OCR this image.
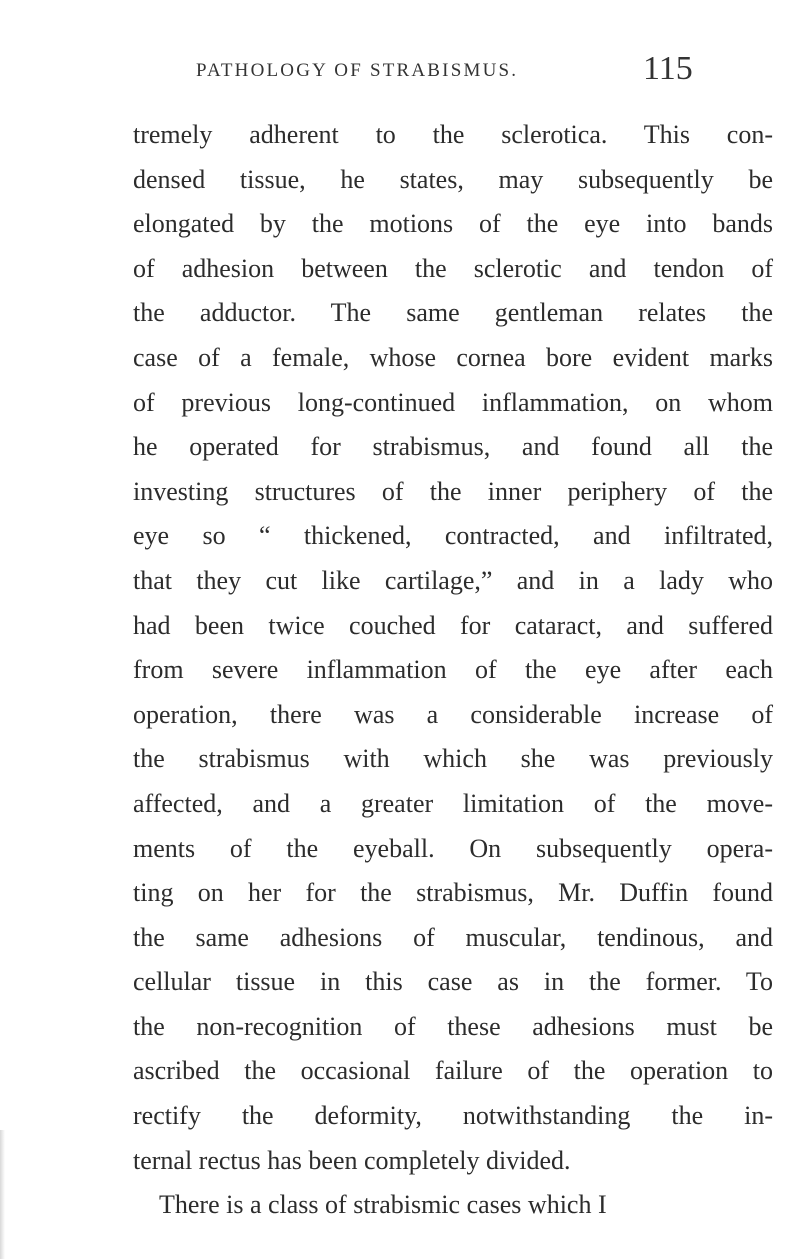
PATHOLOGY OF STRABISMUS.	115
tremely adherent to the sclerotica. This con-
densed tissue, he states, may subsequently be
elongated by the motions of the eye into bands
of adhesion between the sclerotic and tendon of
the adductor. The same gentleman relates the
case of a female, whose cornea bore evident marks
of previous long-continued inflammation, on whom
he operated for strabismus, and found all the
investing structures of the inner periphery of the
eye so “ thickened, contracted, and infiltrated,
that they cut like cartilage,” and in a lady who
had been twice couched for cataract, and suffered
from severe inflammation of the eye after each
operation, there was a considerable increase of
the strabismus with which she was previously
affected, and a greater limitation of the move-
ments of the eyeball. On subsequently opera-
ting on her for the strabismus, Mr. Duffin found
the same adhesions of muscular, tendinous, and
cellular tissue in this case as in the former. To
the non-recognition of these adhesions must be
ascribed the occasional failure of the operation to
rectify the deformity, notwithstanding the in-
ternal rectus has been completely divided.
There is a class of strabismic cases which I
